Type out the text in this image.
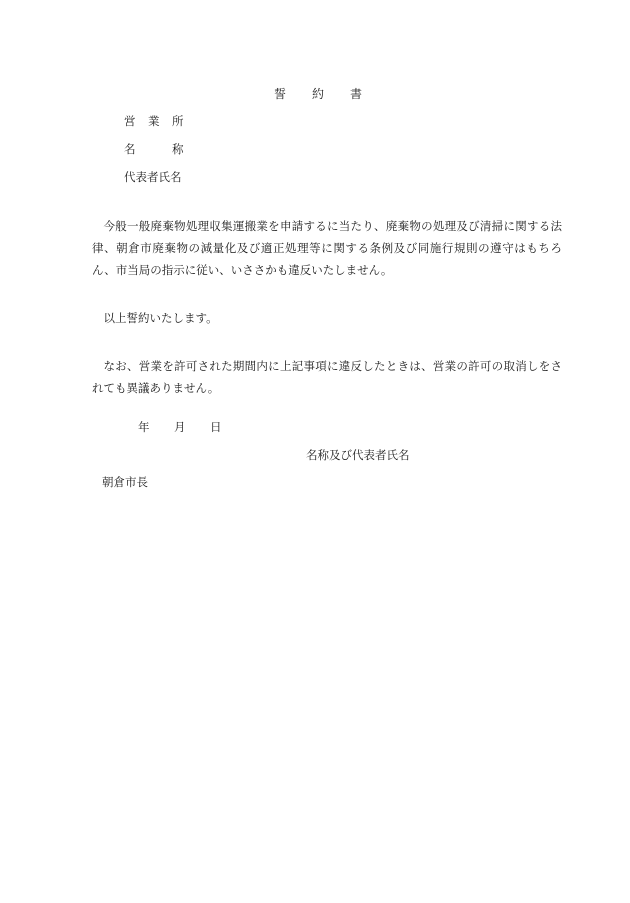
誓 約 書
営 業 所
名	称
代表者氏名
今般一般廃棄物処理収集運搬業を申請するに当たり、廃棄物の処理及び清掃に関する法律、朝倉市廃棄物の減量化及び適正処理等に関する条例及び同施行規則の遵守はもちろん、市当局の指示に従い、いささかも違反いたしません。
以上誓約いたします。
なお、営業を許可された期間内に上記事項に違反したときは、営業の許可の取消しをされても異議ありません。
年 月 日
名称及び代表者氏名
朝倉市長
